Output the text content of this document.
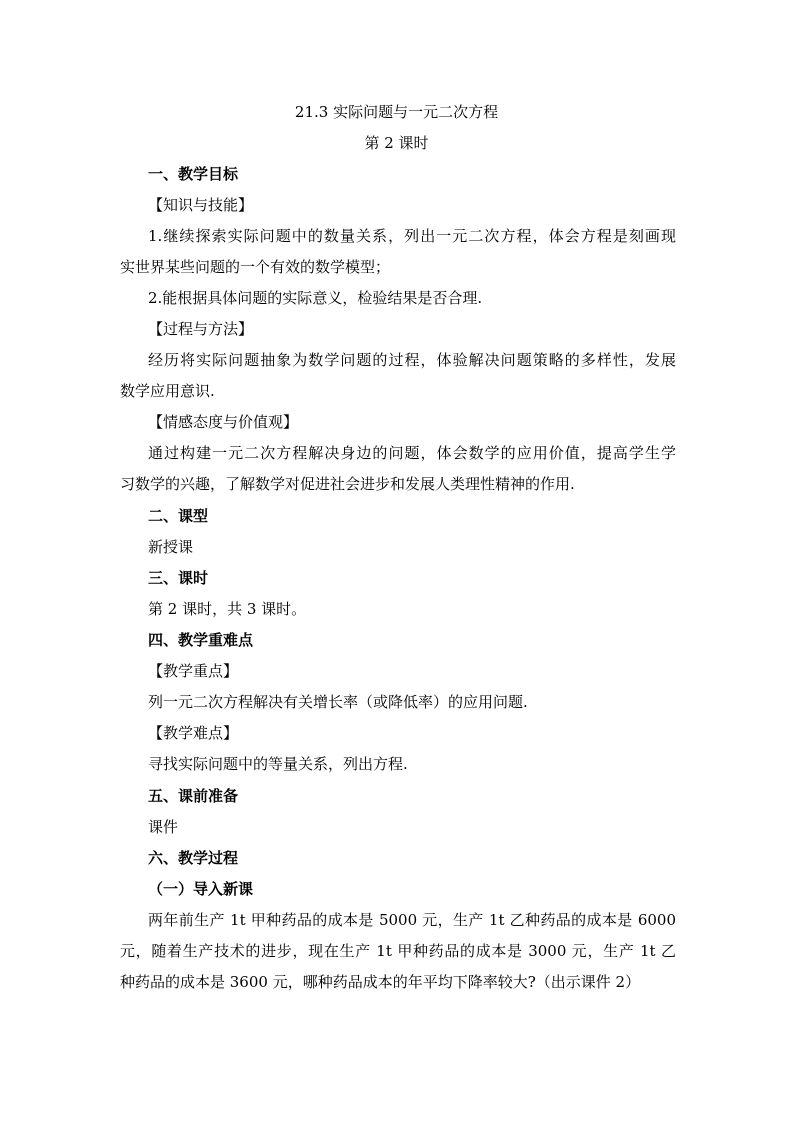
21.3 实际问题与一元二次方程
第 2 课时
一、教学目标
【知识与技能】
1.继续探索实际问题中的数量关系，列出一元二次方程，体会方程是刻画现
实世界某些问题的一个有效的数学模型；
2.能根据具体问题的实际意义，检验结果是否合理.
【过程与方法】
经历将实际问题抽象为数学问题的过程，体验解决问题策略的多样性，发展
数学应用意识.
【情感态度与价值观】
通过构建一元二次方程解决身边的问题，体会数学的应用价值，提高学生学
习数学的兴趣，了解数学对促进社会进步和发展人类理性精神的作用.
二、课型
新授课
三、课时
第 2 课时，共 3 课时。
四、教学重难点
【教学重点】
列一元二次方程解决有关增长率（或降低率）的应用问题.
【教学难点】
寻找实际问题中的等量关系，列出方程.
五、课前准备
课件
六、教学过程
（一）导入新课
两年前生产 1t 甲种药品的成本是 5000 元，生产 1t 乙种药品的成本是 6000
元，随着生产技术的进步，现在生产 1t 甲种药品的成本是 3000 元，生产 1t 乙
种药品的成本是 3600 元，哪种药品成本的年平均下降率较大?（出示课件 2）
